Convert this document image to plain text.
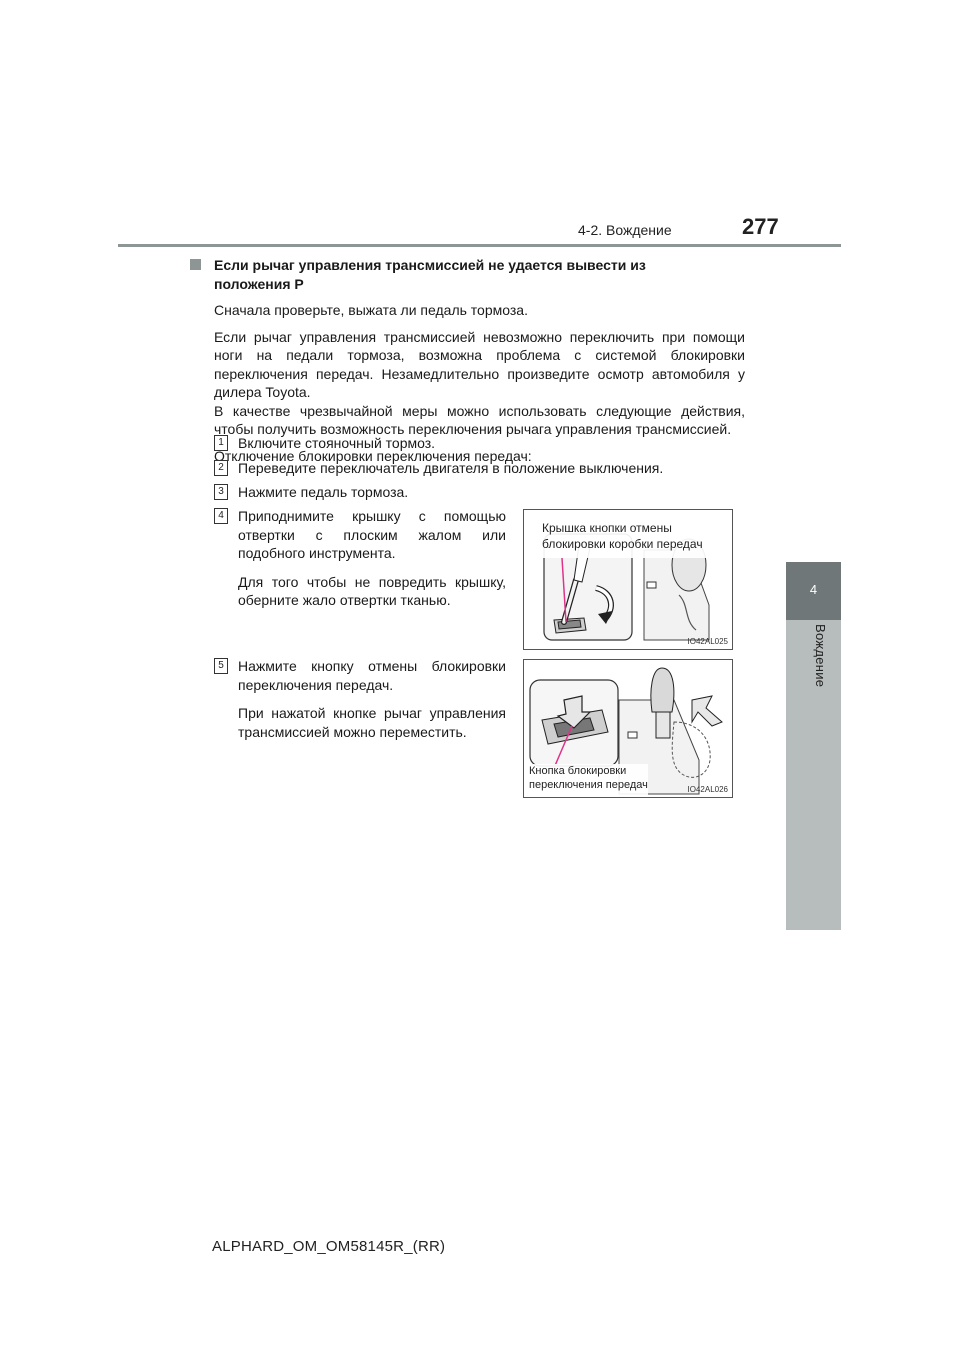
4-2. Вождение	277
4
Вождение

Если рычаг управления трансмиссией не удается вывести из положения P

Сначала проверьте, выжата ли педаль тормоза.

Если рычаг управления трансмиссией невозможно переключить при помощи ноги на педали тормоза, возможна проблема с системой блокировки переключения передач. Незамедлительно произведите осмотр автомобиля у дилера Toyota.

В качестве чрезвычайной меры можно использовать следующие действия, чтобы получить возможность переключения рычага управления трансмиссией.

Отключение блокировки переключения передач:

1	Включите стояночный тормоз.
2	Переведите переключатель двигателя в положение выключения.
3	Нажмите педаль тормоза.
4	Приподнимите крышку с помощью отвертки с плоским жалом или подобного инструмента.

Для того чтобы не повредить крышку, оберните жало отвертки тканью.

5	Нажмите кнопку отмены блокировки переключения передач.

При нажатой кнопке рычаг управления трансмиссией можно переместить.

Крышка кнопки отмены блокировки коробки передач
IO42AL025
Кнопка блокировки переключения передач	IO42AL026
ALPHARD_OM_OM58145R_(RR)
